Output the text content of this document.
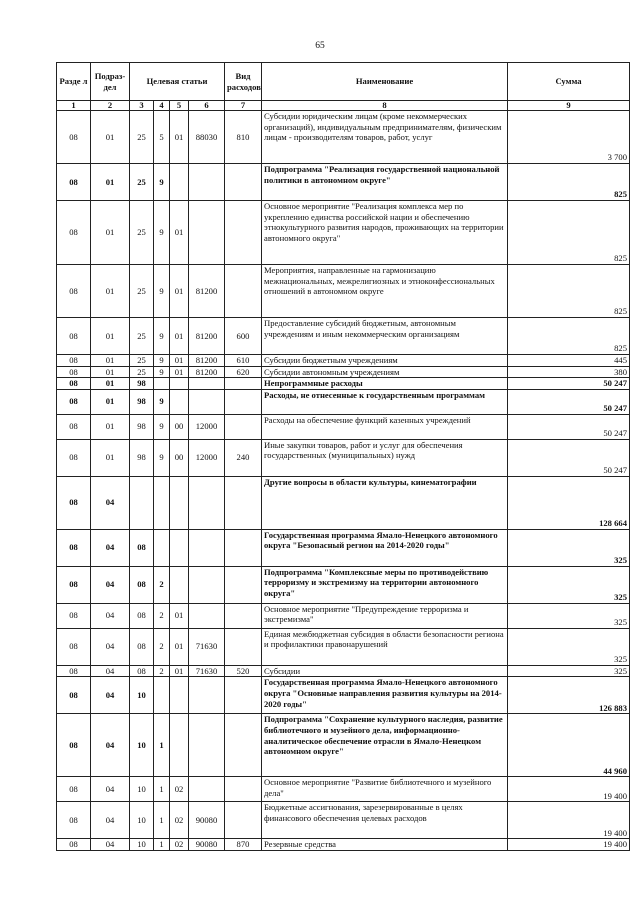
65
Разде л	Подраз- дел	Целевая статьи				Вид расходов	Наименование	Сумма
1	2	3	4	5	6	7	8	9
08	01	25	5	01	88030	810	Субсидии юридическим лицам (кроме некоммерческих организаций), индивидуальным предпринимателям, физическим лицам - производителям товаров, работ, услуг	3 700
08	01	25	9				Подпрограмма "Реализация государственной национальной политики в автономном округе"	825
08	01	25	9	01			Основное мероприятие "Реализация комплекса мер по укреплению единства российской нации и обеспечению этнокультурного развития народов, проживающих на территории автономного округа"	825
08	01	25	9	01	81200		Мероприятия, направленные на гармонизацию межнациональных, межрелигиозных и этноконфессиональных отношений в автономном округе	825
08	01	25	9	01	81200	600	Предоставление субсидий бюджетным, автономным учреждениям и иным некоммерческим организациям	825
08	01	25	9	01	81200	610	Субсидии бюджетным учреждениям	445
08	01	25	9	01	81200	620	Субсидии автономным учреждениям	380
08	01	98					Непрограммные расходы	50 247
08	01	98	9				Расходы, не отнесенные к государственным программам	50 247
08	01	98	9	00	12000		Расходы на обеспечение функций казенных учреждений	50 247
08	01	98	9	00	12000	240	Иные закупки товаров, работ и услуг для обеспечения государственных (муниципальных) нужд	50 247
08	04						Другие вопросы в области культуры, кинематографии	128 664
08	04	08					Государственная программа Ямало-Ненецкого автономного округа "Безопасный регион на 2014-2020 годы"	325
08	04	08	2				Подпрограмма "Комплексные меры по противодействию терроризму и экстремизму на территории автономного округа"	325
08	04	08	2	01			Основное мероприятие "Предупреждение терроризма и экстремизма"	325
08	04	08	2	01	71630		Единая межбюджетная субсидия в области безопасности региона и профилактики правонарушений	325
08	04	08	2	01	71630	520	Субсидии	325
08	04	10					Государственная программа Ямало-Ненецкого автономного округа "Основные направления развития культуры на 2014-2020 годы"	126 883
08	04	10	1				Подпрограмма "Сохранение культурного наследия, развитие библиотечного и музейного дела, информационно-аналитическое обеспечение отрасли в Ямало-Ненецком автономном округе"	44 960
08	04	10	1	02			Основное мероприятие "Развитие библиотечного и музейного дела"	19 400
08	04	10	1	02	90080		Бюджетные ассигнования, зарезервированные в целях финансового обеспечения целевых расходов	19 400
08	04	10	1	02	90080	870	Резервные средства	19 400
